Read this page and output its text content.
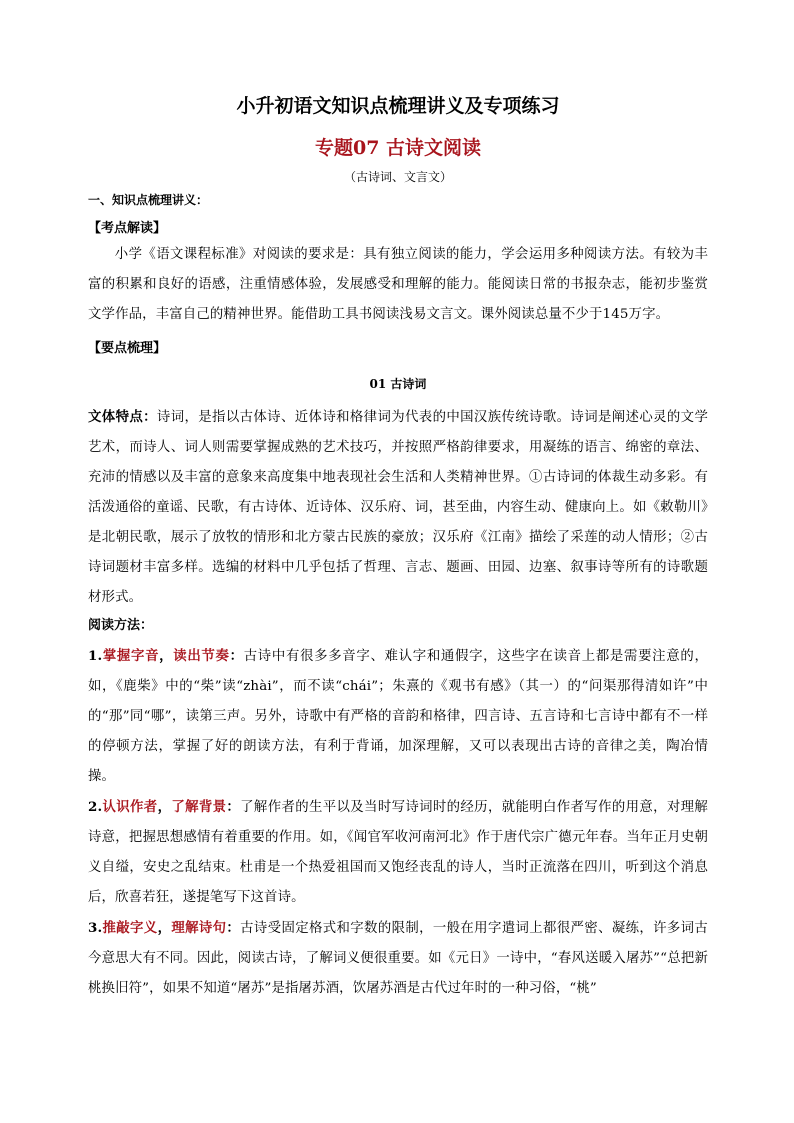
小升初语文知识点梳理讲义及专项练习
专题07 古诗文阅读

（古诗词、文言文）

一、知识点梳理讲义：

【考点解读】

小学《语文课程标准》对阅读的要求是：具有独立阅读的能力，学会运用多种阅读方法。有较为丰富的积累和良好的语感，注重情感体验，发展感受和理解的能力。能阅读日常的书报杂志，能初步鉴赏文学作品，丰富自己的精神世界。能借助工具书阅读浅易文言文。课外阅读总量不少于145万字。

【要点梳理】

01 古诗词

文体特点：诗词，是指以古体诗、近体诗和格律词为代表的中国汉族传统诗歌。诗词是阐述心灵的文学艺术，而诗人、词人则需要掌握成熟的艺术技巧，并按照严格韵律要求，用凝练的语言、绵密的章法、充沛的情感以及丰富的意象来高度集中地表现社会生活和人类精神世界。①古诗词的体裁生动多彩。有活泼通俗的童谣、民歌，有古诗体、近诗体、汉乐府、词，甚至曲，内容生动、健康向上。如《敕勒川》是北朝民歌，展示了放牧的情形和北方蒙古民族的豪放；汉乐府《江南》描绘了采莲的动人情形；②古诗词题材丰富多样。选编的材料中几乎包括了哲理、言志、题画、田园、边塞、叙事诗等所有的诗歌题材形式。

阅读方法：

1.掌握字音，读出节奏：古诗中有很多多音字、难认字和通假字，这些字在读音上都是需要注意的，如，《鹿柴》中的“柴”读“zhài”，而不读“chái”；朱熹的《观书有感》（其一）的“问渠那得清如许”中的“那”同“哪”，读第三声。另外，诗歌中有严格的音韵和格律，四言诗、五言诗和七言诗中都有不一样的停顿方法，掌握了好的朗读方法，有利于背诵，加深理解，又可以表现出古诗的音律之美，陶冶情操。

2.认识作者，了解背景：了解作者的生平以及当时写诗词时的经历，就能明白作者写作的用意，对理解诗意，把握思想感情有着重要的作用。如，《闻官军收河南河北》作于唐代宗广德元年春。当年正月史朝义自缢，安史之乱结束。杜甫是一个热爱祖国而又饱经丧乱的诗人，当时正流落在四川，听到这个消息后，欣喜若狂，遂提笔写下这首诗。

3.推敲字义，理解诗句：古诗受固定格式和字数的限制，一般在用字遣词上都很严密、凝练，许多词古今意思大有不同。因此，阅读古诗，了解词义便很重要。如《元日》一诗中，“春风送暖入屠苏”“总把新桃换旧符”，如果不知道“屠苏”是指屠苏酒，饮屠苏酒是古代过年时的一种习俗，“桃”
